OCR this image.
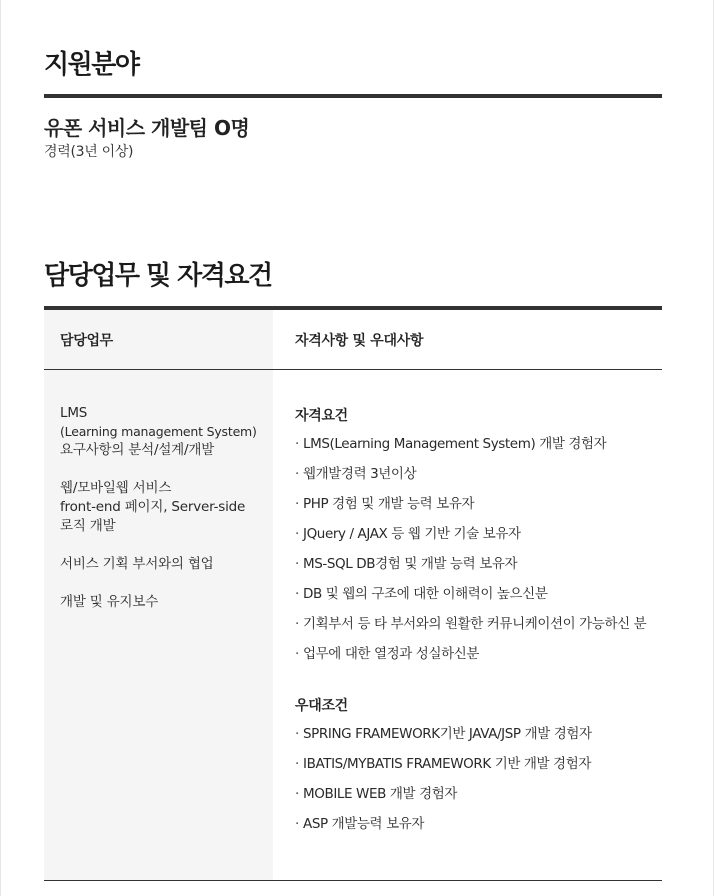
지원분야
유폰 서비스 개발팀 O명
경력(3년 이상)
담당업무 및 자격요건
담당업무	자격사항 및 우대사항
LMS
(Learning management System)
요구사항의 분석/설계/개발
웹/모바일웹 서비스
front-end 페이지, Server-side
로직 개발
서비스 기획 부서와의 협업
개발 및 유지보수
자격요건
· LMS(Learning Management System) 개발 경험자
· 웹개발경력 3년이상
· PHP 경험 및 개발 능력 보유자
· JQuery / AJAX 등 웹 기반 기술 보유자
· MS-SQL DB경험 및 개발 능력 보유자
· DB 및 웹의 구조에 대한 이해력이 높으신분
· 기획부서 등 타 부서와의 원활한 커뮤니케이션이 가능하신 분
· 업무에 대한 열정과 성실하신분
우대조건
· SPRING FRAMEWORK기반 JAVA/JSP 개발 경험자
· IBATIS/MYBATIS FRAMEWORK 기반 개발 경험자
· MOBILE WEB 개발 경험자
· ASP 개발능력 보유자
